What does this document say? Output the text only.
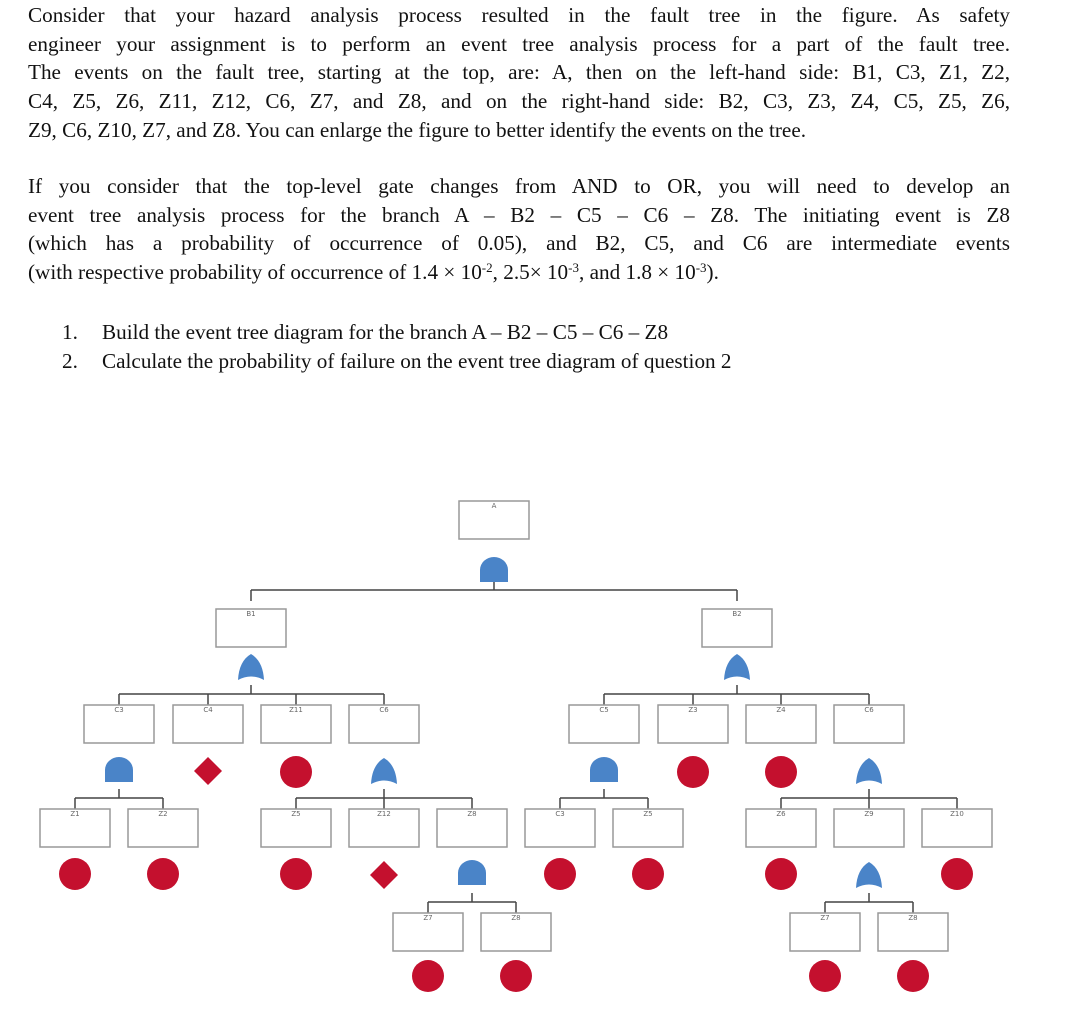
Consider that your hazard analysis process resulted in the fault tree in the figure. As safety
engineer your assignment is to perform an event tree analysis process for a part of the fault tree.
The events on the fault tree, starting at the top, are: A, then on the left-hand side: B1, C3, Z1, Z2,
C4, Z5, Z6, Z11, Z12, C6, Z7, and Z8, and on the right-hand side: B2, C3, Z3, Z4, C5, Z5, Z6,
Z9, C6, Z10, Z7, and Z8. You can enlarge the figure to better identify the events on the tree.
If you consider that the top-level gate changes from AND to OR, you will need to develop an
event tree analysis process for the branch A – B2 – C5 – C6 – Z8. The initiating event is Z8
(which has a probability of occurrence of 0.05), and B2, C5, and C6 are intermediate events
(with respective probability of occurrence of $1.4 \times 10^{-2}$, $2.5\times 10^{-3}$, and $1.8 \times 10^{-3}$).
1. Build the event tree diagram for the branch A – B2 – C5 – C6 – Z8
2. Calculate the probability of failure on the event tree diagram of question 2
A
B1	B2
C3	C4	Z11	C6	C5	Z3	Z4	C6
Z1	Z2	Z5	Z12	Z8	C3	Z5	Z6	Z9	Z10
Z7	Z8	Z7	Z8
